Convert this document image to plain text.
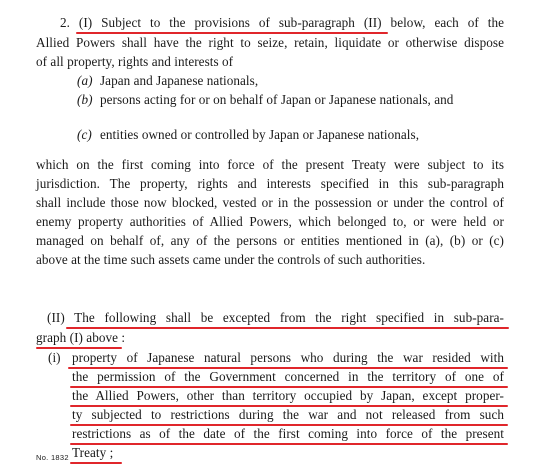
2. (I) Subject to the provisions of sub-paragraph (II) below, each of the
Allied Powers shall have the right to seize, retain, liquidate or otherwise dispose
of all property, rights and interests of
(a) Japan and Japanese nationals,
(b) persons acting for or on behalf of Japan or Japanese nationals, and
(c) entities owned or controlled by Japan or Japanese nationals,
which on the first coming into force of the present Treaty were subject to its
jurisdiction. The property, rights and interests specified in this sub-paragraph
shall include those now blocked, vested or in the possession or under the control of
enemy property authorities of Allied Powers, which belonged to, or were held or
managed on behalf of, any of the persons or entities mentioned in (a), (b) or (c)
above at the time such assets came under the controls of such authorities.
(II) The following shall be excepted from the right specified in sub-para-
graph (I) above :
(i) property of Japanese natural persons who during the war resided with
the permission of the Government concerned in the territory of one of
the Allied Powers, other than territory occupied by Japan, except proper-
ty subjected to restrictions during the war and not released from such
restrictions as of the date of the first coming into force of the present
Treaty ;
No. 1832
